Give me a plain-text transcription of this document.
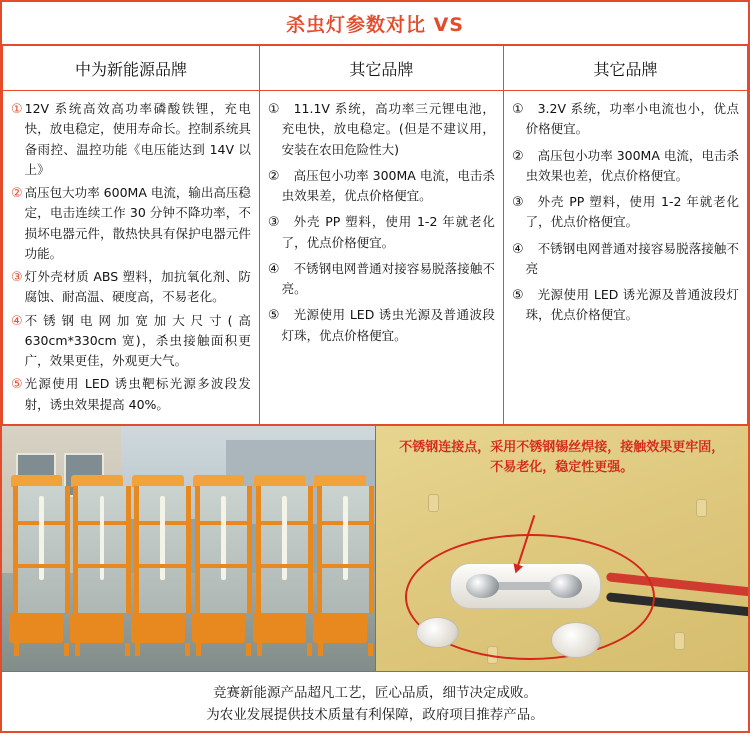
杀虫灯参数对比 VS
中为新能源品牌	其它品牌	其它品牌

① 12V 系统高效高功率磷酸铁锂，充电快，放电稳定，使用寿命长。控制系统具备雨控、温控功能《电压能达到 14V 以上》
② 高压包大功率 600MA 电流，输出高压稳定，电击连续工作 30 分钟不降功率，不损坏电器元件，散热快具有保护电器元件功能。
③ 灯外壳材质 ABS 塑料，加抗氧化剂、防腐蚀、耐高温、硬度高，不易老化。
④ 不锈钢电网加宽加大尺寸(高 630cm*330cm 宽)，杀虫接触面积更广，效果更佳，外观更大气。
⑤ 光源使用 LED 诱虫靶标光源多波段发射，诱虫效果提高 40%。

①	11.1V 系统，高功率三元锂电池，充电快，放电稳定。(但是不建议用，安装在农田危险性大)
②	高压包小功率 300MA 电流，电击杀虫效果差，优点价格便宜。
③	外壳 PP 塑料，使用 1-2 年就老化了，优点价格便宜。
④	不锈钢电网普通对接容易脱落接触不亮。
⑤	光源使用 LED 诱虫光源及普通波段灯珠，优点价格便宜。

①	3.2V 系统，功率小电流也小，优点价格便宜。
②	高压包小功率 300MA 电流，电击杀虫效果也差，优点价格便宜。
③	外壳 PP 塑料，使用 1-2 年就老化了，优点价格便宜。
④	不锈钢电网普通对接容易脱落接触不亮
⑤	光源使用 LED 诱光源及普通波段灯珠，优点价格便宜。
不锈钢连接点，采用不锈钢锡丝焊接，接触效果更牢固，不易老化，稳定性更强。
竞赛新能源产品超凡工艺，匠心品质，细节决定成败。
为农业发展提供技术质量有利保障，政府项目推荐产品。
